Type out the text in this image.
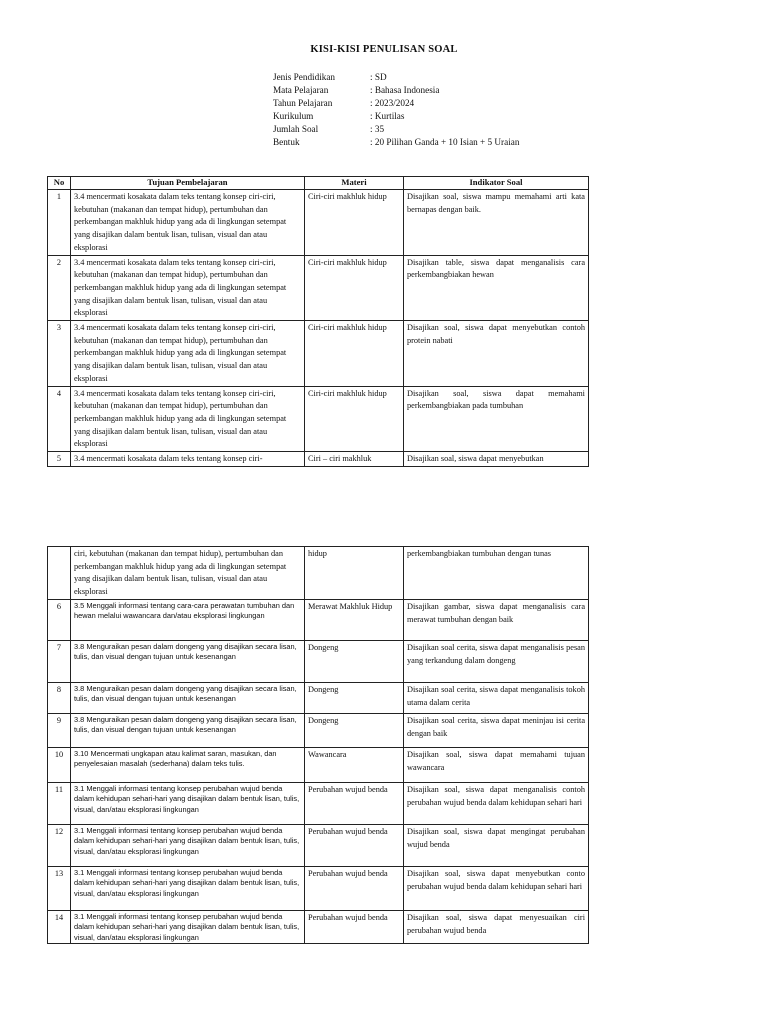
KISI-KISI PENULISAN SOAL
Jenis Pendidikan	: SD
Mata Pelajaran	: Bahasa Indonesia
Tahun Pelajaran	: 2023/2024
Kurikulum	: Kurtilas
Jumlah Soal	: 35
Bentuk	: 20 Pilihan Ganda + 10 Isian + 5 Uraian
No	Tujuan Pembelajaran	Materi	Indikator Soal
1	3.4 mencermati kosakata dalam teks tentang konsep ciri-ciri, kebutuhan (makanan dan tempat hidup), pertumbuhan dan perkembangan makhluk hidup yang ada di lingkungan setempat yang disajikan dalam bentuk lisan, tulisan, visual dan atau eksplorasi	Ciri-ciri makhluk hidup	Disajikan soal, siswa mampu memahami arti kata bernapas dengan baik.
2	3.4 mencermati kosakata dalam teks tentang konsep ciri-ciri, kebutuhan (makanan dan tempat hidup), pertumbuhan dan perkembangan makhluk hidup yang ada di lingkungan setempat yang disajikan dalam bentuk lisan, tulisan, visual dan atau eksplorasi	Ciri-ciri makhluk hidup	Disajikan table, siswa dapat menganalisis cara perkembangbiakan hewan
3	3.4 mencermati kosakata dalam teks tentang konsep ciri-ciri, kebutuhan (makanan dan tempat hidup), pertumbuhan dan perkembangan makhluk hidup yang ada di lingkungan setempat yang disajikan dalam bentuk lisan, tulisan, visual dan atau eksplorasi	Ciri-ciri makhluk hidup	Disajikan soal, siswa dapat menyebutkan contoh protein nabati
4	3.4 mencermati kosakata dalam teks tentang konsep ciri-ciri, kebutuhan (makanan dan tempat hidup), pertumbuhan dan perkembangan makhluk hidup yang ada di lingkungan setempat yang disajikan dalam bentuk lisan, tulisan, visual dan atau eksplorasi	Ciri-ciri makhluk hidup	Disajikan soal, siswa dapat memahami perkembangbiakan pada tumbuhan
5	3.4 mencermati kosakata dalam teks tentang konsep ciri-	Ciri – ciri makhluk	Disajikan soal, siswa dapat menyebutkan
	ciri, kebutuhan (makanan dan tempat hidup), pertumbuhan dan perkembangan makhluk hidup yang ada di lingkungan setempat yang disajikan dalam bentuk lisan, tulisan, visual dan atau eksplorasi	hidup	perkembangbiakan tumbuhan dengan tunas
6	3.5 Menggali informasi tentang cara-cara perawatan tumbuhan dan hewan melalui wawancara dan/atau eksplorasi lingkungan	Merawat Makhluk Hidup	Disajikan gambar, siswa dapat menganalisis cara merawat tumbuhan dengan baik
7	3.8 Menguraikan pesan dalam dongeng yang disajikan secara lisan, tulis, dan visual dengan tujuan untuk kesenangan	Dongeng	Disajikan soal cerita, siswa dapat menganalisis pesan yang terkandung dalam dongeng
8	3.8 Menguraikan pesan dalam dongeng yang disajikan secara lisan, tulis, dan visual dengan tujuan untuk kesenangan	Dongeng	Disajikan soal cerita, siswa dapat menganalisis tokoh utama dalam cerita
9	3.8 Menguraikan pesan dalam dongeng yang disajikan secara lisan, tulis, dan visual dengan tujuan untuk kesenangan	Dongeng	Disajikan soal cerita, siswa dapat meninjau isi cerita dengan baik
10	3.10 Mencermati ungkapan atau kalimat saran, masukan, dan penyelesaian masalah (sederhana) dalam teks tulis.	Wawancara	Disajikan soal, siswa dapat memahami tujuan wawancara
11	3.1 Menggali informasi tentang konsep perubahan wujud benda dalam kehidupan sehari-hari yang disajikan dalam bentuk lisan, tulis, visual, dan/atau eksplorasi lingkungan	Perubahan wujud benda	Disajikan soal, siswa dapat menganalisis contoh perubahan wujud benda dalam kehidupan sehari hari
12	3.1 Menggali informasi tentang konsep perubahan wujud benda dalam kehidupan sehari-hari yang disajikan dalam bentuk lisan, tulis, visual, dan/atau eksplorasi lingkungan	Perubahan wujud benda	Disajikan soal, siswa dapat mengingat perubahan wujud benda
13	3.1 Menggali informasi tentang konsep perubahan wujud benda dalam kehidupan sehari-hari yang disajikan dalam bentuk lisan, tulis, visual, dan/atau eksplorasi lingkungan	Perubahan wujud benda	Disajikan soal, siswa dapat menyebutkan conto perubahan wujud benda dalam kehidupan sehari hari
14	3.1 Menggali informasi tentang konsep perubahan wujud benda dalam kehidupan sehari-hari yang disajikan dalam bentuk lisan, tulis, visual, dan/atau eksplorasi lingkungan	Perubahan wujud benda	Disajikan soal, siswa dapat menyesuaikan ciri perubahan wujud benda
